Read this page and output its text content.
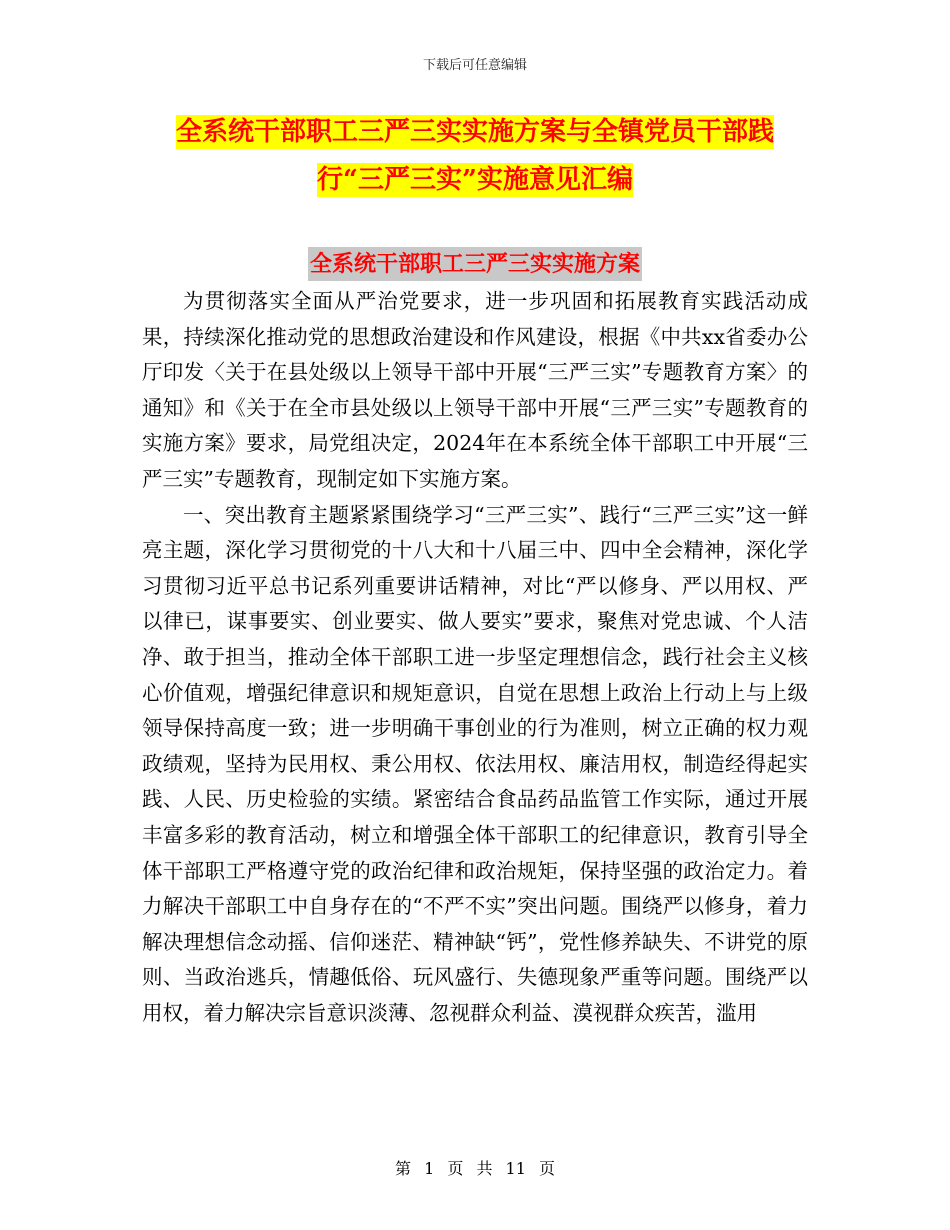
下载后可任意编辑
全系统干部职工三严三实实施方案与全镇党员干部践
行“三严三实”实施意见汇编
全系统干部职工三严三实实施方案

为贯彻落实全面从严治党要求，进一步巩固和拓展教育实践活动成果，持续深化推动党的思想政治建设和作风建设，根据《中共xx省委办公厅印发〈关于在县处级以上领导干部中开展“三严三实”专题教育方案〉的通知》和《关于在全市县处级以上领导干部中开展“三严三实”专题教育的实施方案》要求，局党组决定，2024年在本系统全体干部职工中开展“三严三实”专题教育，现制定如下实施方案。

一、突出教育主题紧紧围绕学习“三严三实”、践行“三严三实”这一鲜亮主题，深化学习贯彻党的十八大和十八届三中、四中全会精神，深化学习贯彻习近平总书记系列重要讲话精神，对比“严以修身、严以用权、严以律已，谋事要实、创业要实、做人要实”要求，聚焦对党忠诚、个人洁净、敢于担当，推动全体干部职工进一步坚定理想信念，践行社会主义核心价值观，增强纪律意识和规矩意识，自觉在思想上政治上行动上与上级领导保持高度一致；进一步明确干事创业的行为准则，树立正确的权力观政绩观，坚持为民用权、秉公用权、依法用权、廉洁用权，制造经得起实践、人民、历史检验的实绩。紧密结合食品药品监管工作实际，通过开展丰富多彩的教育活动，树立和增强全体干部职工的纪律意识，教育引导全体干部职工严格遵守党的政治纪律和政治规矩，保持坚强的政治定力。着力解决干部职工中自身存在的“不严不实”突出问题。围绕严以修身，着力解决理想信念动摇、信仰迷茫、精神缺“钙”，党性修养缺失、不讲党的原则、当政治逃兵，情趣低俗、玩风盛行、失德现象严重等问题。围绕严以用权，着力解决宗旨意识淡薄、忽视群众利益、漠视群众疾苦，滥用

第 1 页 共 11 页
